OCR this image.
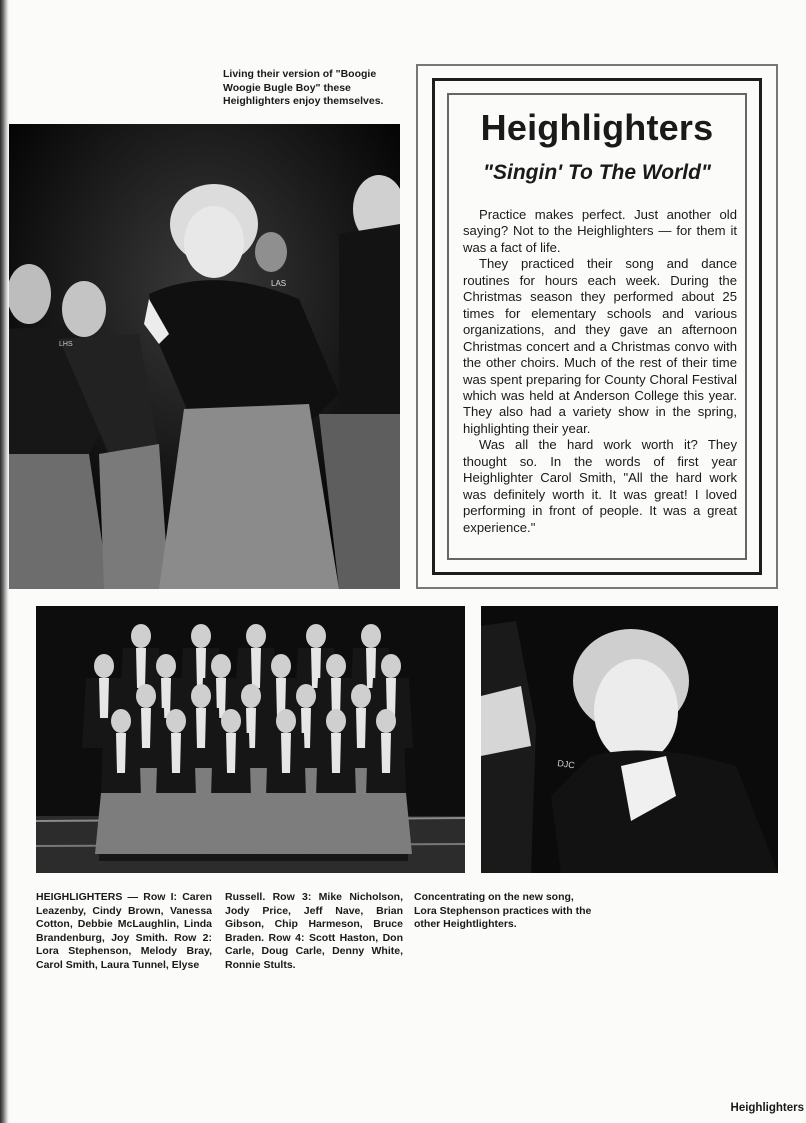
Living their version of "Boogie Woogie Bugle Boy" these Heighlighters enjoy themselves.
LAS
LHS
Heighlighters
"Singin' To The World"

Practice makes perfect. Just another old saying? Not to the Heighlighters — for them it was a fact of life.

They practiced their song and dance routines for hours each week. During the Christmas season they performed about 25 times for elementary schools and various organizations, and they gave an afternoon Christmas concert and a Christmas convo with the other choirs. Much of the rest of their time was spent preparing for County Choral Festival which was held at Anderson College this year. They also had a variety show in the spring, highlighting their year.

Was all the hard work worth it? They thought so. In the words of first year Heighlighter Carol Smith, "All the hard work was definitely worth it. It was great! I loved performing in front of people. It was a great experience."

DJC
HEIGHLIGHTERS — Row I: Caren Leazenby, Cindy Brown, Vanessa Cotton, Debbie McLaughlin, Linda Brandenburg, Joy Smith. Row 2: Lora Stephenson, Melody Bray, Carol Smith, Laura Tunnel, Elyse
Russell. Row 3: Mike Nicholson, Jody Price, Jeff Nave, Brian Gibson, Chip Harmeson, Bruce Braden. Row 4: Scott Haston, Don Carle, Doug Carle, Denny White, Ronnie Stults.
Concentrating on the new song, Lora Stephenson practices with the other Heightlighters.
Heighlighters
